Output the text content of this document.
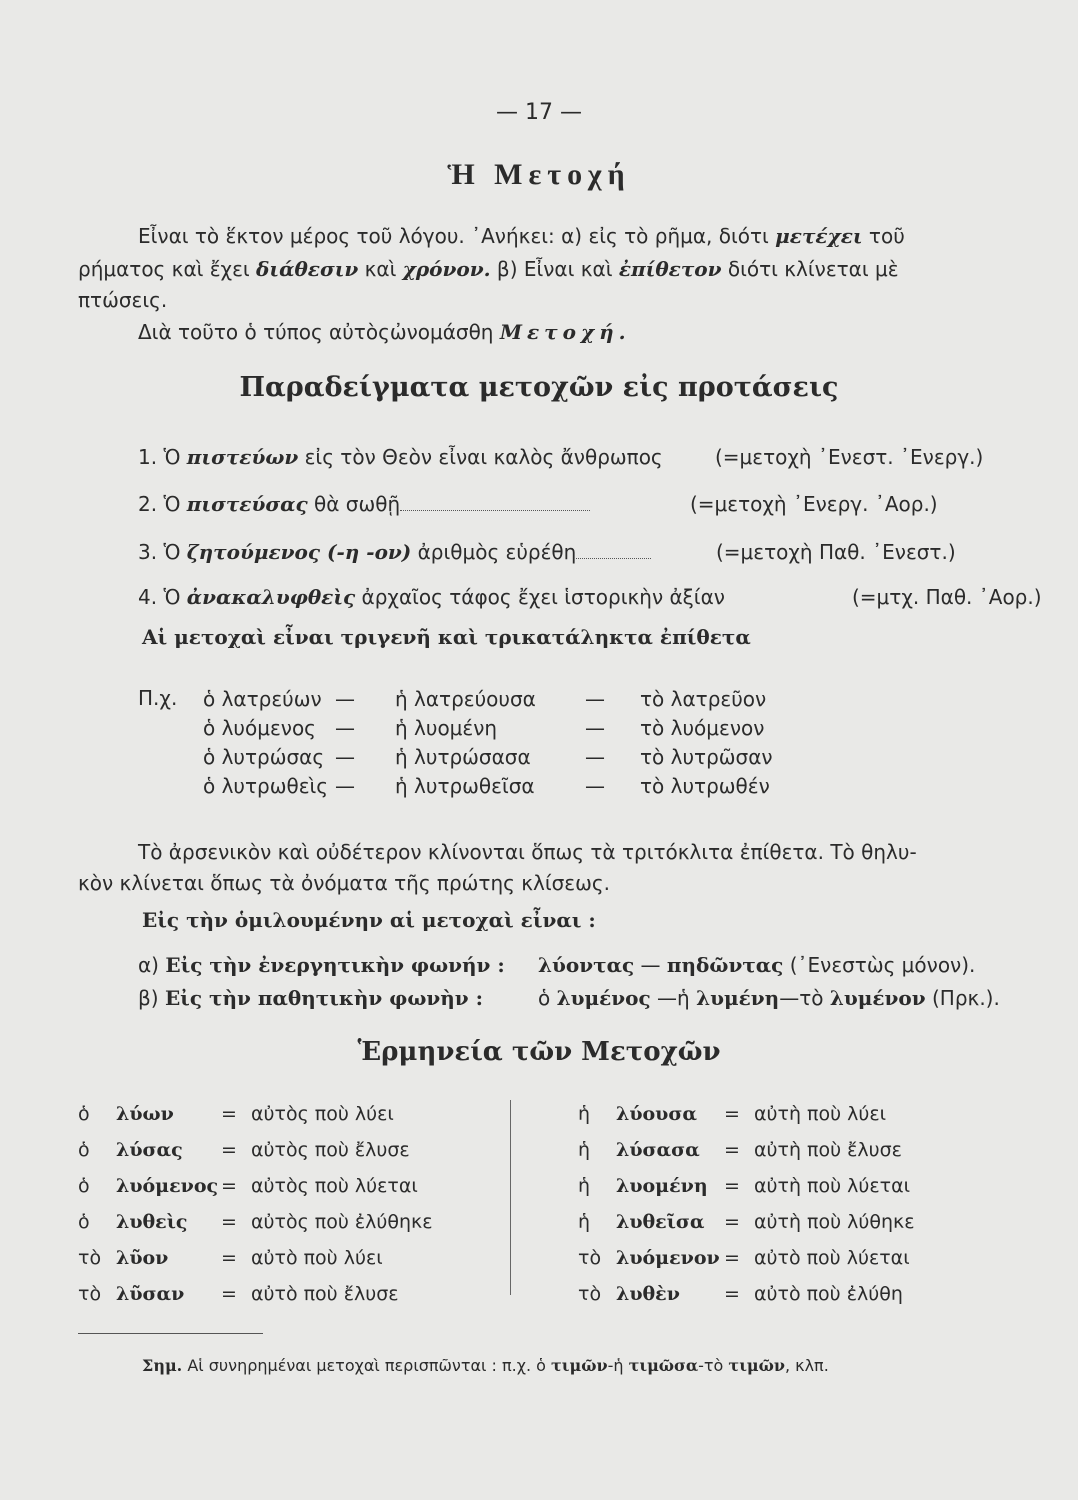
— 17 —
Ἡ Μετοχή
Εἶναι τὸ ἕκτον μέρος τοῦ λόγου. ᾿Ανήκει: α) εἰς τὸ ρῆμα, διότι μετέχει τοῦ
ρήματος καὶ ἔχει διάθεσιν καὶ χρόνον. β) Εἶναι καὶ ἐπίθετον διότι κλίνεται μὲ
πτώσεις.
Διὰ τοῦτο ὁ τύπος αὐτὸςὠνομάσθη Μετοχή.
Παραδείγματα μετοχῶν εἰς προτάσεις
1. Ὁ πιστεύων εἰς τὸν Θεὸν εἶναι καλὸς ἄνθρωπος	(=μετοχὴ ᾿Ενεστ. ᾿Ενεργ.)
2. Ὁ πιστεύσας θὰ σωθῇ	(=μετοχὴ ᾿Ενεργ. ᾿Αορ.)
3. Ὁ ζητούμενος (-η -ον) ἀριθμὸς εὑρέθη	(=μετοχὴ Παθ. ᾿Ενεστ.)
4. Ὁ ἀνακαλυφθεὶς ἀρχαῖος τάφος ἔχει ἱστορικὴν ἀξίαν	(=μτχ. Παθ. ᾿Αορ.)
Αἱ μετοχαὶ εἶναι τριγενῆ καὶ τρικατάληκτα ἐπίθετα
Π.χ. ὁ λατρεύων	—	ἡ λατρεύουσα	—	τὸ λατρεῦον
ὁ λυόμενος	—	ἡ λυομένη	—	τὸ λυόμενον
ὁ λυτρώσας	—	ἡ λυτρώσασα	—	τὸ λυτρῶσαν
ὁ λυτρωθεὶς	—	ἡ λυτρωθεῖσα	—	τὸ λυτρωθέν
Τὸ ἀρσενικὸν καὶ οὐδέτερον κλίνονται ὅπως τὰ τριτόκλιτα ἐπίθετα. Τὸ θηλυ-
κὸν κλίνεται ὅπως τὰ ὀνόματα τῆς πρώτης κλίσεως.
Εἰς τὴν ὁμιλουμένην αἱ μετοχαὶ εἶναι :
α) Εἰς τὴν ἐνεργητικὴν φωνήν : λύοντας — πηδῶντας (᾿Ενεστὼς μόνον).
β) Εἰς τὴν παθητικὴν φωνὴν :	ὁ λυμένος —ἡ λυμένη—τὸ λυμένον (Πρκ.).
Ἑρμηνεία τῶν Μετοχῶν
ὁ	λύων	=	αὐτὸς ποὺ λύει
ὁ	λύσας	=	αὐτὸς ποὺ ἔλυσε
ὁ	λυόμενος	=	αὐτὸς ποὺ λύεται
ὁ	λυθεὶς	=	αὐτὸς ποὺ ἐλύθηκε
τὸ	λῦον	=	αὐτὸ ποὺ λύει
τὸ	λῦσαν	=	αὐτὸ ποὺ ἔλυσε
ἡ	λύουσα	=	αὐτὴ ποὺ λύει
ἡ	λύσασα	=	αὐτὴ ποὺ ἔλυσε
ἡ	λυομένη	=	αὐτὴ ποὺ λύεται
ἡ	λυθεῖσα	=	αὐτὴ ποὺ λύθηκε
τὸ	λυόμενον	=	αὐτὸ ποὺ λύεται
τὸ	λυθὲν	=	αὐτὸ ποὺ ἐλύθη
Σημ. Αἱ συνηρημέναι μετοχαὶ περισπῶνται : π.χ. ὁ τιμῶν-ἡ τιμῶσα-τὸ τιμῶν, κλπ.
